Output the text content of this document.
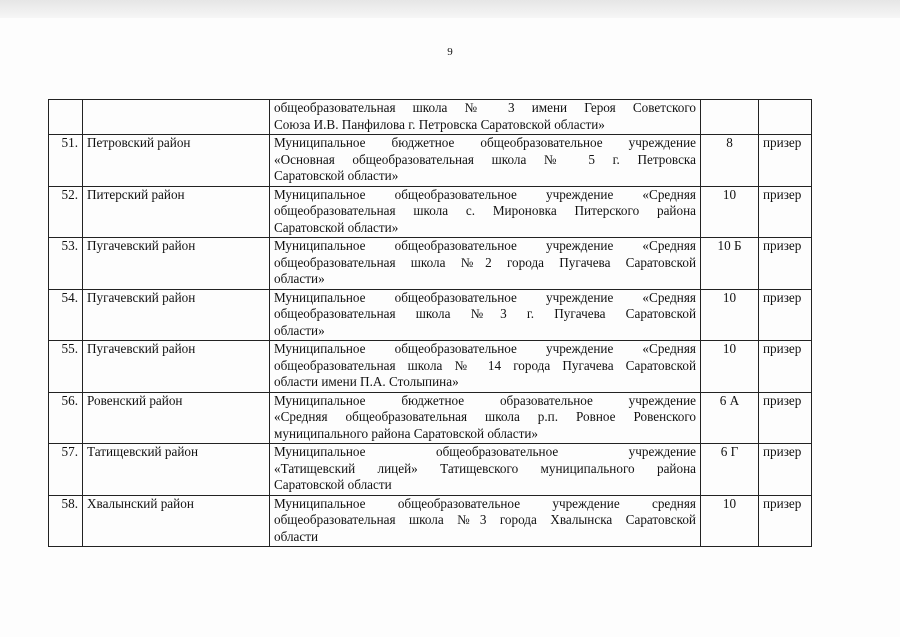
9

		общеобразовательная школа № 3 имени Героя Советского
Союза И.В. Панфилова г. Петровска Саратовской области»		

51.	Петровский район	Муниципальное бюджетное общеобразовательное учреждение
«Основная общеобразовательная школа № 5 г. Петровска
Саратовской области»	8	призер
52.	Питерский район	Муниципальное общеобразовательное учреждение «Средняя
общеобразовательная школа с. Мироновка Питерского района
Саратовской области»	10	призер
53.	Пугачевский район	Муниципальное общеобразовательное учреждение «Средняя
общеобразовательная школа №2 города Пугачева Саратовской
области»	10 Б	призер
54.	Пугачевский район	Муниципальное общеобразовательное учреждение «Средняя
общеобразовательная школа №3 г. Пугачева Саратовской
области»	10	призер
55.	Пугачевский район	Муниципальное общеобразовательное учреждение «Средняя
общеобразовательная школа № 14 города Пугачева Саратовской
области имени П.А. Столыпина»	10	призер
56.	Ровенский район	Муниципальное бюджетное образовательное учреждение
«Средняя общеобразовательная школа р.п. Ровное Ровенского
муниципального района Саратовской области»	6 А	призер
57.	Татищевский район	Муниципальное общеобразовательное учреждение
«Татищевский лицей» Татищевского муниципального района
Саратовской области	6 Г	призер
58.	Хвалынский район	Муниципальное общеобразовательное учреждение средняя
общеобразовательная школа №3 города Хвалынска Саратовской
области	10	призер
